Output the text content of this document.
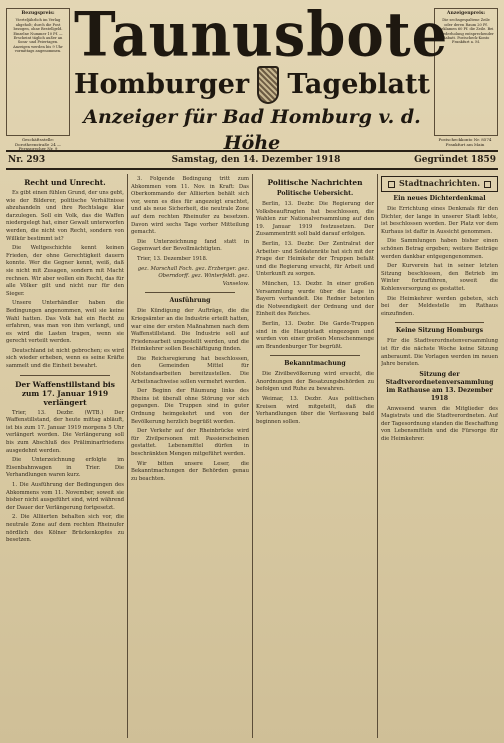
Bezugspreis:
Vierteljährlich im Verlag abgeholt; durch die Post bezogen, ohne Bestellgeld. Einzelne Nummer 10 Pf. — Erscheint täglich außer an Sonn- und Feiertagen. Anzeigen werden bis 9 Uhr vormittags angenommen.
Anzeigenpreis:
Die sechsgespaltene Zeile oder deren Raum 20 Pf. Reklamen 60 Pf. die Zeile. Bei Wiederholung entsprechender Rabatt. Postscheck-Konto Frankfurt a. M.
Geschäftsstelle: Dorotheenstraße 24 — Fernsprecher Nr. 9
Postscheckkonto Nr. 8574 Frankfurt am Main
Taunusbote
Homburger Tageblatt
Anzeiger für Bad Homburg v. d. Höhe
Nr. 293	Samstag, den 14. Dezember 1918	Gegründet 1859
Recht und Unrecht.

Es gibt einen fühlen Grund, der uns gebt, wie der Bilderer, politische Verhältnisse abzuhandeln und ihre Rechtslage klar darzulegen. Soll ein Volk, das die Waffen niedergelegt hat, einer Gewalt unterworfen werden, die nicht von Recht, sondern von Willkür bestimmt ist?

Die Weltgeschichte kennt keinen Frieden, der ohne Gerechtigkeit dauern konnte. Wer die Gegner kennt, weiß, daß sie nicht mit Zusagen, sondern mit Macht rechnen. Wir aber wollen ein Recht, das für alle Völker gilt und nicht nur für den Sieger.

Unsere Unterhändler haben die Bedingungen angenommen, weil sie keine Wahl hatten. Das Volk hat ein Recht zu erfahren, was man von ihm verlangt, und es wird die Lasten tragen, wenn sie gerecht verteilt werden.

Deutschland ist nicht gebrochen; es wird sich wieder erheben, wenn es seine Kräfte sammelt und die Einheit bewahrt.

Der Waffenstillstand bis zum 17. Januar 1919 verlängert

Trier, 13. Dezbr. (WTB.) Der Waffenstillstand, der heute mittag abläuft, ist bis zum 17. Januar 1919 morgens 5 Uhr verlängert worden. Die Verlängerung soll bis zum Abschluß des Präliminarfriedens ausgedehnt werden.

Die Unterzeichnung erfolgte im Eisenbahnwagen in Trier. Die Verhandlungen waren kurz.

1. Die Ausführung der Bedingungen des Abkommens vom 11. November, soweit sie bisher nicht ausgeführt sind, wird während der Dauer der Verlängerung fortgesetzt.

2. Die Alliierten behalten sich vor, die neutrale Zone auf dem rechten Rheinufer nördlich des Kölner Brückenkopfes zu besetzen.

3. Folgende Bedingung tritt zum Abkommen vom 11. Nov. in Kraft: Das Oberkommando der Alliierten behält sich vor, wenn es dies für angezeigt erachtet, und als neue Sicherheit, die neutrale Zone auf dem rechten Rheinufer zu besetzen. Davon wird sechs Tage vorher Mitteilung gemacht.

Die Unterzeichnung fand statt in Gegenwart der Bevollmächtigten.

Trier, 13. Dezember 1918.

gez. Marschall Foch. gez. Erzberger. gez. Oberndorff. gez. Winterfeldt. gez. Vanselow.

Ausführung

Die Kündigung der Aufträge, die die Kriegsämter an die Industrie erteilt hatten, war eine der ersten Maßnahmen nach dem Waffenstillstand. Die Industrie soll auf Friedensarbeit umgestellt werden, und die Heimkehrer sollen Beschäftigung finden.

Die Reichsregierung hat beschlossen, den Gemeinden Mittel für Notstandsarbeiten bereitzustellen. Die Arbeitsnachweise sollen vermehrt werden.

Der Beginn der Räumung links des Rheins ist überall ohne Störung vor sich gegangen. Die Truppen sind in guter Ordnung heimgekehrt und von der Bevölkerung herzlich begrüßt worden.

Der Verkehr auf der Rheinbrücke wird für Zivilpersonen mit Passierscheinen gestattet. Lebensmittel dürfen in beschränkten Mengen mitgeführt werden.

Wir bitten unsere Leser, die Bekanntmachungen der Behörden genau zu beachten.

Politische Nachrichten
Politische Uebersicht.

Berlin, 13. Dezbr. Die Regierung der Volksbeauftragten hat beschlossen, die Wahlen zur Nationalversammlung auf den 19. Januar 1919 festzusetzen. Der Zusammentritt soll bald darauf erfolgen.

Berlin, 13. Dezbr. Der Zentralrat der Arbeiter- und Soldatenräte hat sich mit der Frage der Heimkehr der Truppen befaßt und die Regierung ersucht, für Arbeit und Unterkunft zu sorgen.

München, 13. Dezbr. In einer großen Versammlung wurde über die Lage in Bayern verhandelt. Die Redner betonten die Notwendigkeit der Ordnung und der Einheit des Reiches.

Berlin, 13. Dezbr. Die Garde-Truppen sind in die Hauptstadt eingezogen und wurden von einer großen Menschenmenge am Brandenburger Tor begrüßt.

Bekanntmachung

Die Zivilbevölkerung wird ersucht, die Anordnungen der Besatzungsbehörden zu befolgen und Ruhe zu bewahren.

Weimar, 13. Dezbr. Aus politischen Kreisen wird mitgeteilt, daß die Verhandlungen über die Verfassung bald beginnen sollen.

Stadtnachrichten.
Ein neues Dichterdenkmal

Die Errichtung eines Denkmals für den Dichter, der lange in unserer Stadt lebte, ist beschlossen worden. Der Platz vor dem Kurhaus ist dafür in Aussicht genommen.

Die Sammlungen haben bisher einen schönen Betrag ergeben; weitere Beiträge werden dankbar entgegengenommen.

Der Kurverein hat in seiner letzten Sitzung beschlossen, den Betrieb im Winter fortzuführen, soweit die Kohlenversorgung es gestattet.

Die Heimkehrer werden gebeten, sich bei der Meldestelle im Rathaus einzufinden.

Keine Sitzung Homburgs

Für die Stadtverordnetenversammlung ist für die nächste Woche keine Sitzung anberaumt. Die Vorlagen werden im neuen Jahre beraten.

Sitzung der Stadtverordnetenversammlung im Rathause am 13. Dezember 1918

Anwesend waren die Mitglieder des Magistrats und die Stadtverordneten. Auf der Tagesordnung standen die Beschaffung von Lebensmitteln und die Fürsorge für die Heimkehrer.
